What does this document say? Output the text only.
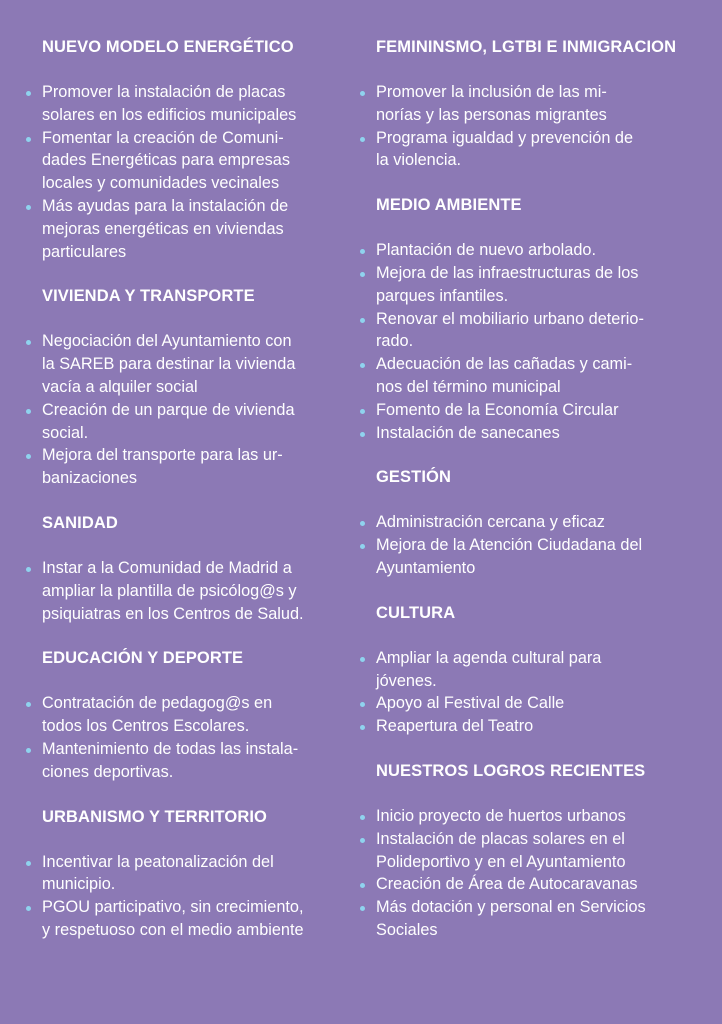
NUEVO MODELO ENERGÉTICO
Promover la instalación de placas
solares en los edificios municipales
Fomentar la creación de Comuni-
dades Energéticas para empresas
locales y comunidades vecinales
Más ayudas para la instalación de
mejoras energéticas en viviendas
particulares
VIVIENDA Y TRANSPORTE
Negociación del Ayuntamiento con
la SAREB para destinar la vivienda
vacía a alquiler social
Creación de un parque de vivienda
social.
Mejora del transporte para las ur-
banizaciones
SANIDAD
Instar a la Comunidad de Madrid a
ampliar la plantilla de psicólog@s y
psiquiatras en los Centros de Salud.
EDUCACIÓN Y DEPORTE
Contratación de pedagog@s en
todos los Centros Escolares.
Mantenimiento de todas las instala-
ciones deportivas.
URBANISMO Y TERRITORIO
Incentivar la peatonalización del
municipio.
PGOU participativo, sin crecimiento,
y respetuoso con el medio ambiente
FEMININSMO, LGTBI E INMIGRACION
Promover la inclusión de las mi-
norías y las personas migrantes
Programa igualdad y prevención de
la violencia.
MEDIO AMBIENTE
Plantación de nuevo arbolado.
Mejora de las infraestructuras de los
parques infantiles.
Renovar el mobiliario urbano deterio-
rado.
Adecuación de las cañadas y cami-
nos del término municipal
Fomento de la Economía Circular
Instalación de sanecanes
GESTIÓN
Administración cercana y eficaz
Mejora de la Atención Ciudadana del
Ayuntamiento
CULTURA
Ampliar la agenda cultural para
jóvenes.
Apoyo al Festival de Calle
Reapertura del Teatro
NUESTROS LOGROS RECIENTES
Inicio proyecto de huertos urbanos
Instalación de placas solares en el
Polideportivo y en el Ayuntamiento
Creación de Área de Autocaravanas
Más dotación y personal en Servicios
Sociales
